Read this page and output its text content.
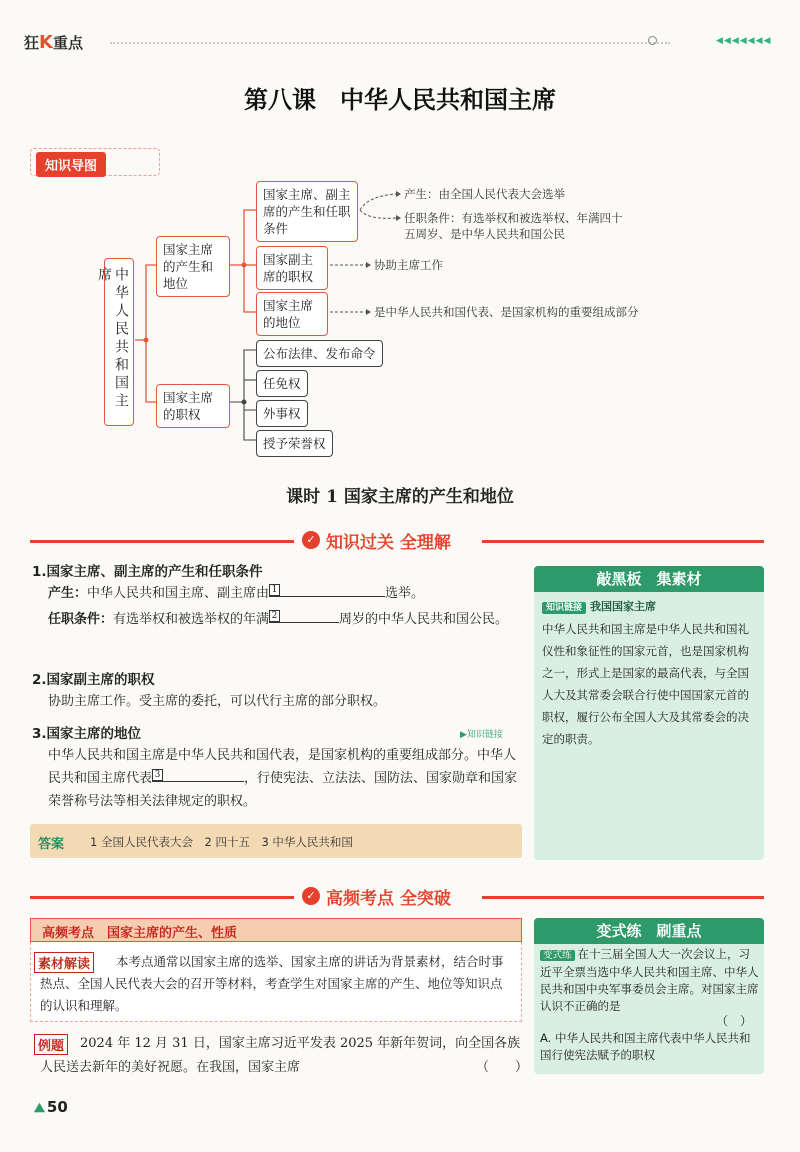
狂K重点	◀◀◀◀◀◀◀
第八课　中华人民共和国主席
知识导图
中华人民共和国主席
国家主席的产生和地位
国家主席的职权
国家主席、副主席的产生和任职条件
国家副主席的职权
国家主席的地位
产生：由全国人民代表大会选举
任职条件：有选举权和被选举权、年满四十五周岁、是中华人民共和国公民
协助主席工作
是中华人民共和国代表、是国家机构的重要组成部分
公布法律、发布命令
任免权
外事权
授予荣誉权
课时 1 国家主席的产生和地位
✓ 知识过关 全理解
1.国家主席、副主席的产生和任职条件
产生：中华人民共和国主席、副主席由 1	选举。
任职条件：有选举权和被选举权的年满 2	周岁的中华人民共和国公民。
2.国家副主席的职权
协助主席工作。受主席的委托，可以代行主席的部分职权。
3.国家主席的地位	▶知识链接
中华人民共和国主席是中华人民共和国代表，是国家机构的重要组成部分。中华人民共和国主席代表 3	，行使宪法、立法法、国防法、国家勋章和国家荣誉称号法等相关法律规定的职权。
答案 1 全国人民代表大会　2 四十五　3 中华人民共和国
敲黑板　集素材
知识链接 我国国家主席
中华人民共和国主席是中华人民共和国礼仪性和象征性的国家元首，也是国家机构之一，形式上是国家的最高代表，与全国人大及其常委会联合行使中国国家元首的职权，履行公布全国人大及其常委会的决定的职责。
✓ 高频考点 全突破
高频考点　国家主席的产生、性质
本考点通常以国家主席的选举、国家主席的讲话为背景素材，结合时事热点、全国人民代表大会的召开等材料，考查学生对国家主席的产生、地位等知识点的认识和理解。
素材解读
2024 年 12 月 31 日，国家主席习近平发表 2025 年新年贺词，向全国各族人民送去新年的美好祝愿。在我国，国家主席
例题
（　　）
变式练　刷重点
变式练 在十三届全国人大一次会议上，习近平全票当选中华人民共和国主席、中华人民共和国中央军事委员会主席。对国家主席认识不正确的是
（　）
A. 中华人民共和国主席代表中华人民共和国行使宪法赋予的职权
⛰ 50
